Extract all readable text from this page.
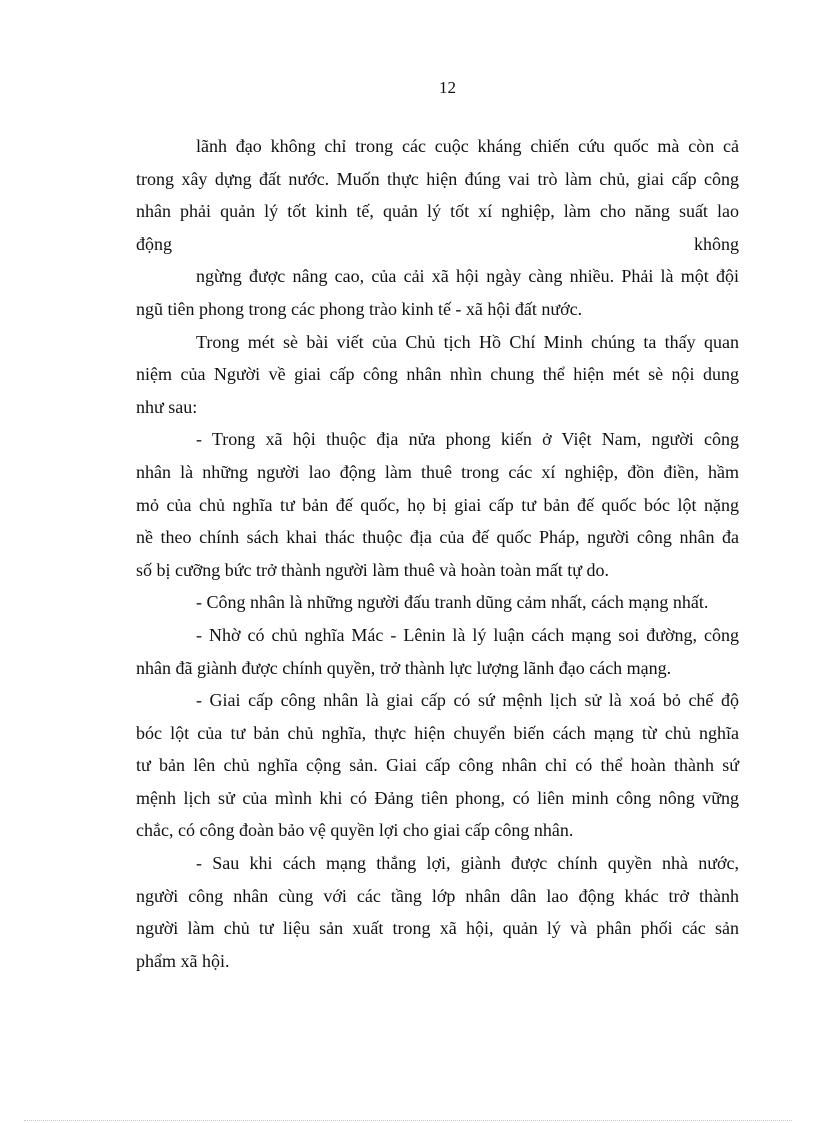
12
lãnh đạo không chỉ trong các cuộc kháng chiến cứu quốc mà còn cả
trong xây dựng đất nước. Muốn thực hiện đúng vai trò làm chủ, giai cấp công
nhân phải quản lý tốt kinh tế, quản lý tốt xí nghiệp, làm cho năng suất lao
động không
ngừng được nâng cao, của cải xã hội ngày càng nhiều. Phải là một đội
ngũ tiên phong trong các phong trào kinh tế - xã hội đất nước.
Trong mét sè bài viết của Chủ tịch Hồ Chí Minh chúng ta thấy quan
niệm của Người về giai cấp công nhân nhìn chung thể hiện mét sè nội dung
như sau:
- Trong xã hội thuộc địa nửa phong kiến ở Việt Nam, người công
nhân là những người lao động làm thuê trong các xí nghiệp, đồn điền, hầm
mỏ của chủ nghĩa tư bản đế quốc, họ bị giai cấp tư bản đế quốc bóc lột nặng
nề theo chính sách khai thác thuộc địa của đế quốc Pháp, người công nhân đa
số bị cưỡng bức trở thành người làm thuê và hoàn toàn mất tự do.
- Công nhân là những người đấu tranh dũng cảm nhất, cách mạng nhất.
- Nhờ có chủ nghĩa Mác - Lênin là lý luận cách mạng soi đường, công
nhân đã giành được chính quyền, trở thành lực lượng lãnh đạo cách mạng.
- Giai cấp công nhân là giai cấp có sứ mệnh lịch sử là xoá bỏ chế độ
bóc lột của tư bản chủ nghĩa, thực hiện chuyển biến cách mạng từ chủ nghĩa
tư bản lên chủ nghĩa cộng sản. Giai cấp công nhân chỉ có thể hoàn thành sứ
mệnh lịch sử của mình khi có Đảng tiên phong, có liên minh công nông vững
chắc, có công đoàn bảo vệ quyền lợi cho giai cấp công nhân.
- Sau khi cách mạng thắng lợi, giành được chính quyền nhà nước,
người công nhân cùng với các tầng lớp nhân dân lao động khác trở thành
người làm chủ tư liệu sản xuất trong xã hội, quản lý và phân phối các sản
phẩm xã hội.
